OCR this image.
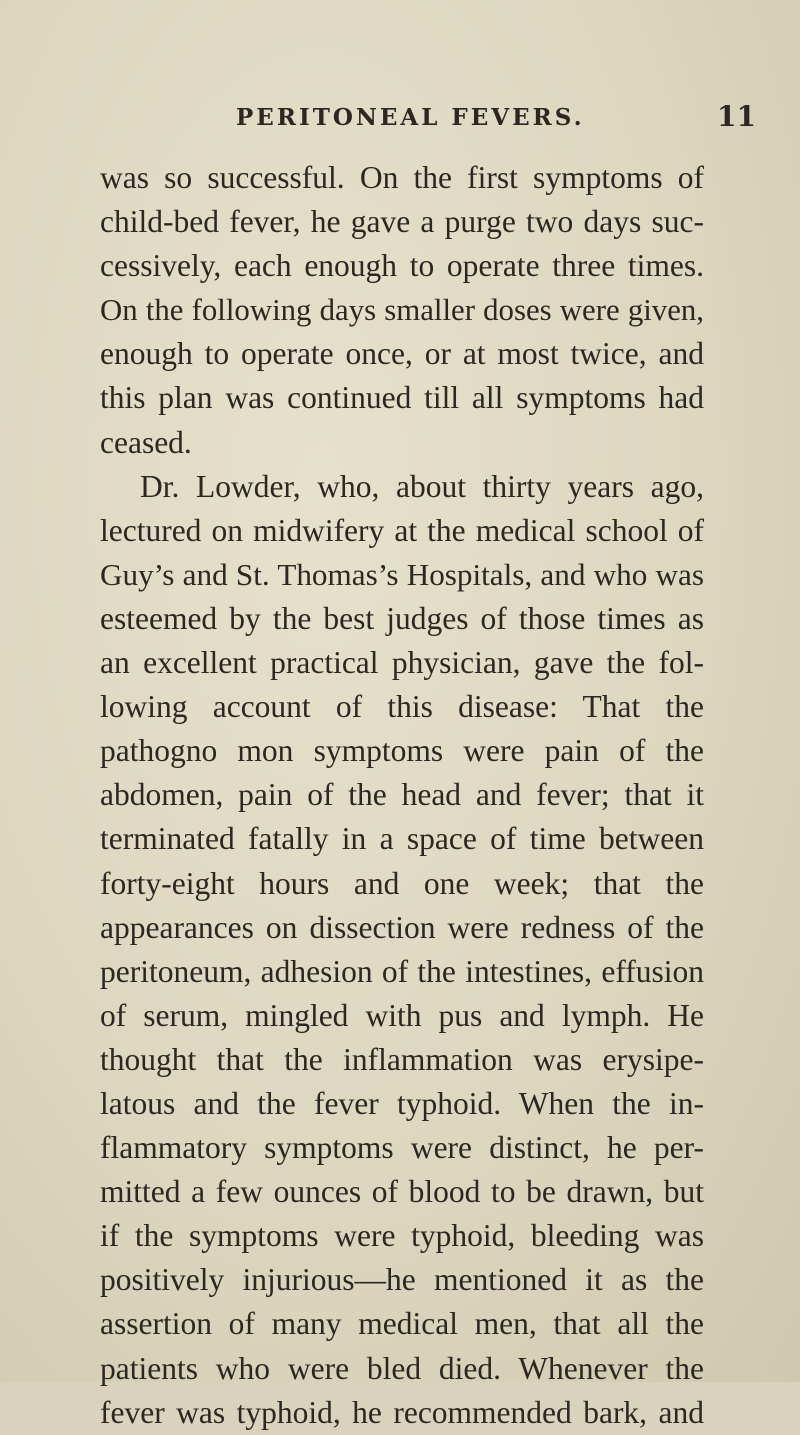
PERITONEAL FEVERS.	11
was so successful. On the first symptoms of
child-bed fever, he gave a purge two days suc-
cessively, each enough to operate three times.
On the following days smaller doses were given,
enough to operate once, or at most twice, and
this plan was continued till all symptoms had
ceased.
Dr. Lowder, who, about thirty years ago,
lectured on midwifery at the medical school of
Guy’s and St. Thomas’s Hospitals, and who was
esteemed by the best judges of those times as
an excellent practical physician, gave the fol-
lowing account of this disease: That the
pathogno mon symptoms were pain of the
abdomen, pain of the head and fever; that it
terminated fatally in a space of time between
forty-eight hours and one week; that the
appearances on dissection were redness of the
peritoneum, adhesion of the intestines, effusion
of serum, mingled with pus and lymph. He
thought that the inflammation was erysipe-
latous and the fever typhoid. When the in-
flammatory symptoms were distinct, he per-
mitted a few ounces of blood to be drawn, but
if the symptoms were typhoid, bleeding was
positively injurious—he mentioned it as the
assertion of many medical men, that all the
patients who were bled died. Whenever the
fever was typhoid, he recommended bark, and
